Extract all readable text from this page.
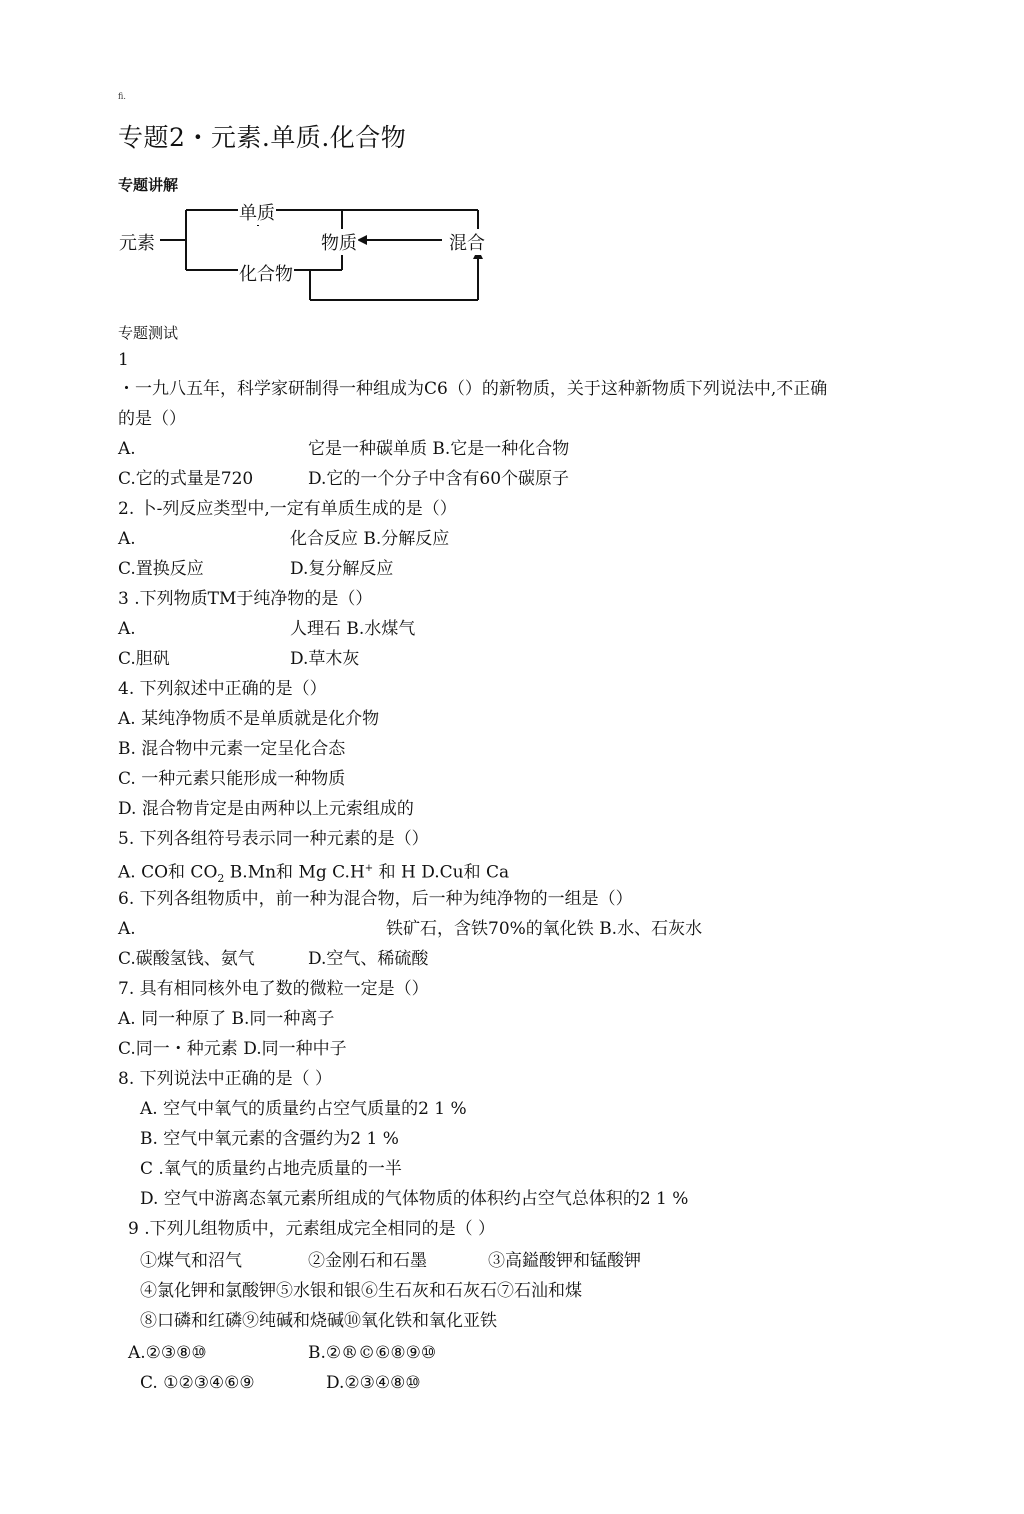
fi.
专题2・元素.单质.化合物
专题讲解
元素
单质
化合物
物质	混合
专题测试
1
・一九八五年，科学家研制得一种组成为C6（）的新物质，关于这种新物质下列说法中,不正确
的是（）
A.	它是一种碳单质 B.它是一种化合物
C.它的式量是720	D.它的一个分子中含有60个碳原子
2. 卜-列反应类型中,一定有单质生成的是（）
A.	化合反应 B.分解反应
C.置换反应	D.复分解反应
3 .下列物质TM于纯净物的是（）
A.	人理石 B.水煤气
C.胆矾	D.草木灰
4. 下列叙述中正确的是（）
A. 某纯净物质不是单质就是化介物
B. 混合物中元素一定呈化合态
C. 一种元素只能形成一种物质
D. 混合物肯定是由两种以上元索组成的
5. 下列各组符号表示同一种元素的是（）
A. CO和 $CO_2$ B.Mn和 Mg C.H+ 和 H D.Cu和 Ca
6. 下列各组物质中，前一种为混合物，后一种为纯净物的一组是（）
A.	铁矿石，含铁70%的氧化铁 B.水、石灰水
C.碳酸氢钱、氨气	D.空气、稀硫酸
7. 具有相同核外电了数的微粒一定是（）
A. 同一种原了 B.同一种离子
C.同一・种元素 D.同一种中子
8. 下列说法中正确的是（ ）
A. 空气中氧气的质量约占空气质量的2 1 %
B. 空气中氧元素的含彊约为2 1 %
C .氧气的质量约占地壳质量的一半
D. 空气中游离态氧元素所组成的气体物质的体积约占空气总体积的2 1 %
9 .下列儿组物质中，元素组成完全相同的是（ ）
①煤气和沼气	②金刚石和石墨	③高鎰酸钾和锰酸钾
④氯化钾和氯酸钾⑤水银和银⑥生石灰和石灰石⑦石汕和煤
⑧口磷和红磷⑨纯碱和烧碱⑩氧化铁和氧化亚铁
A.②③⑧⑩	B.②®©⑥⑧⑨⑩
C. ①②③④⑥⑨	D.②③④⑧⑩
